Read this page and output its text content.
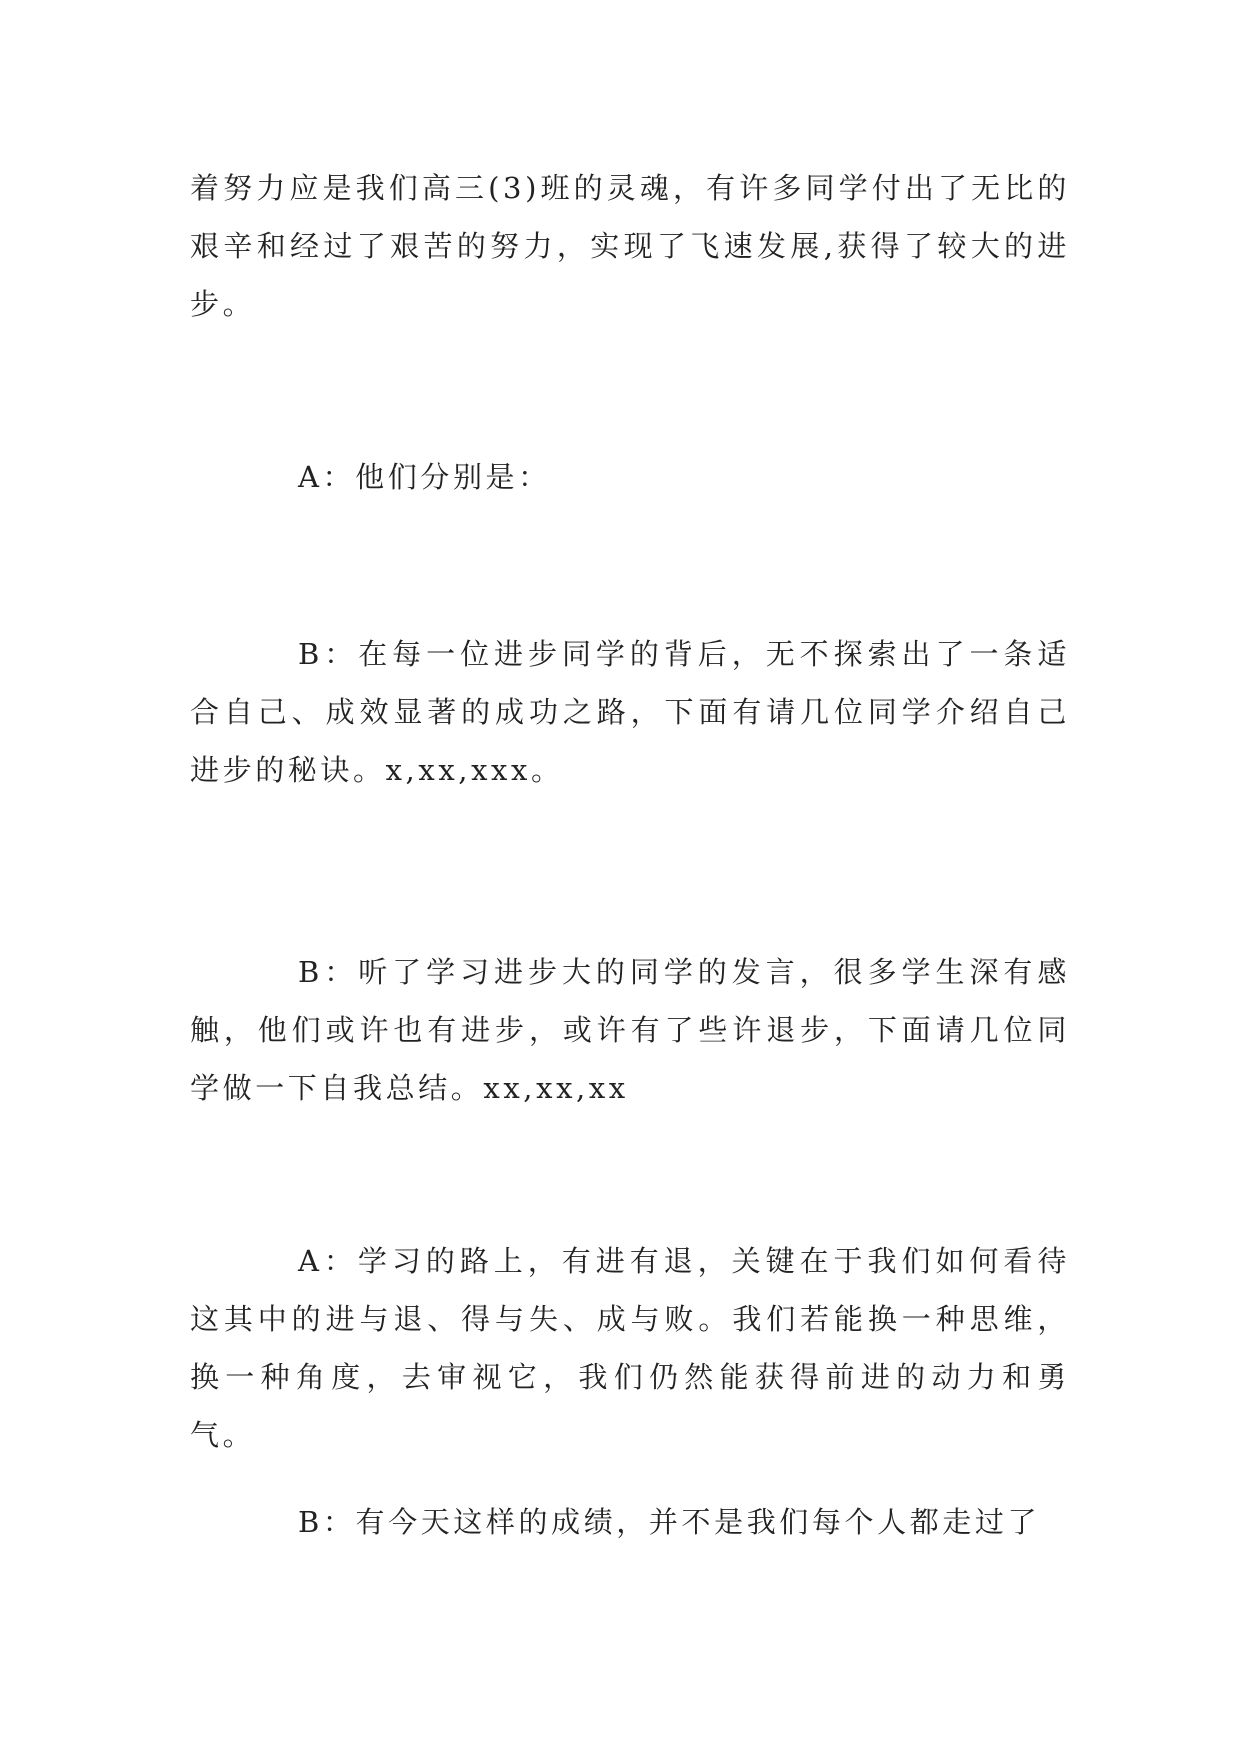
着努力应是我们高三(3)班的灵魂，有许多同学付出了无比的艰辛和经过了艰苦的努力，实现了飞速发展,获得了较大的进步。

A：他们分别是：

B：在每一位进步同学的背后，无不探索出了一条适合自己、成效显著的成功之路，下面有请几位同学介绍自己进步的秘诀。x,xx,xxx。

B：听了学习进步大的同学的发言，很多学生深有感触，他们或许也有进步，或许有了些许退步，下面请几位同学做一下自我总结。xx,xx,xx

A：学习的路上，有进有退，关键在于我们如何看待这其中的进与退、得与失、成与败。我们若能换一种思维，换一种角度，去审视它，我们仍然能获得前进的动力和勇气。

B：有今天这样的成绩，并不是我们每个人都走过了
